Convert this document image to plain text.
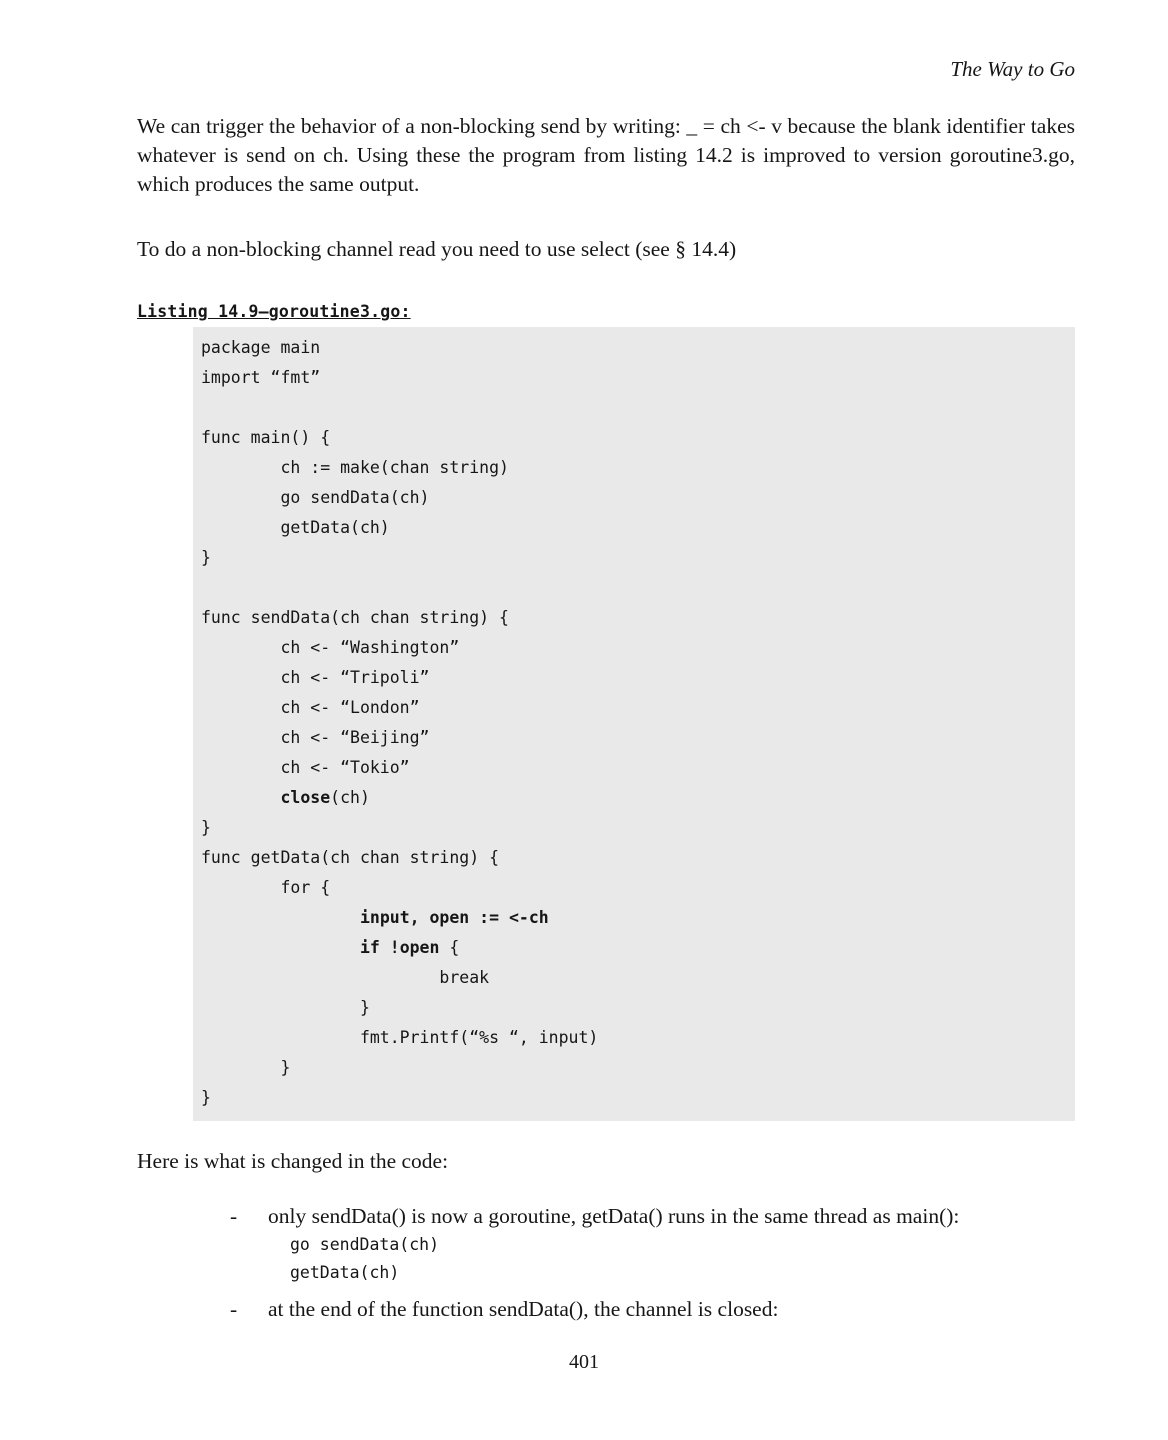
The Way to Go
We can trigger the behavior of a non-blocking send by writing: _ = ch <- v because the blank identifier takes whatever is send on ch. Using these the program from listing 14.2 is improved to version goroutine3.go, which produces the same output.
To do a non-blocking channel read you need to use select (see § 14.4)
Listing 14.9—goroutine3.go:
package main
import “fmt”

func main() {
ch := make(chan string)
go sendData(ch)
getData(ch)
}

func sendData(ch chan string) {
ch <- “Washington”
ch <- “Tripoli”
ch <- “London”
ch <- “Beijing”
ch <- “Tokio”
close(ch)
}
func getData(ch chan string) {
for {
input, open := <-ch
if !open {
break
}
fmt.Printf(“%s “, input)
}
}
Here is what is changed in the code:
-	only sendData() is now a goroutine, getData() runs in the same thread as main():
go sendData(ch)
getData(ch)
-	at the end of the function sendData(), the channel is closed:
401
